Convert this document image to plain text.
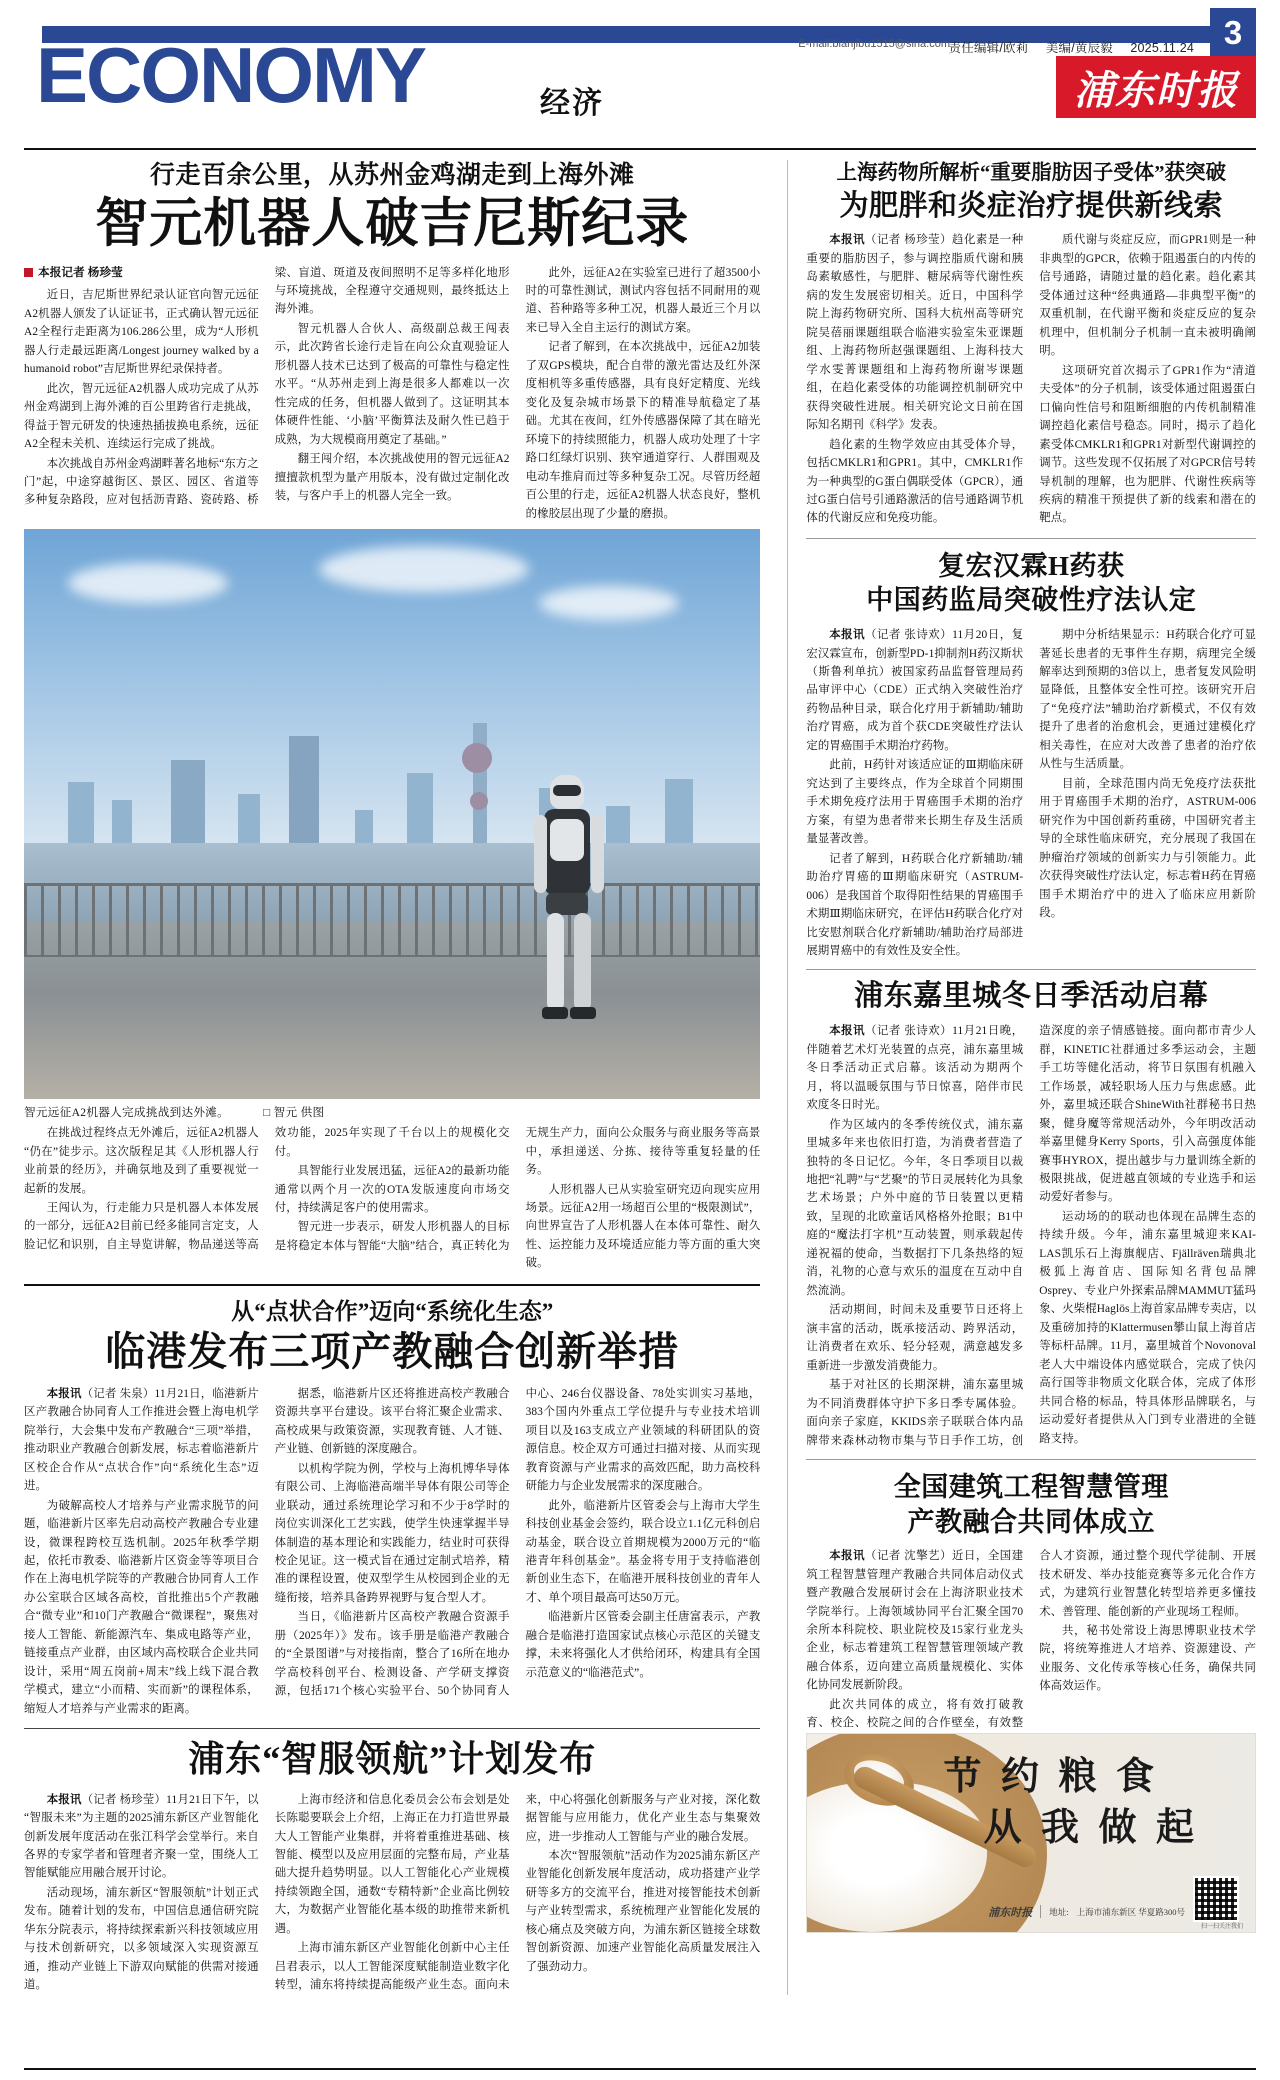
3
责任编辑/欧莉 美编/黄辰毅 2025.11.24
E-mail:bianjibu1515@sina.com
ECONOMY	经济	浦东时报
行走百余公里，从苏州金鸡湖走到上海外滩
智元机器人破吉尼斯纪录
本报记者 杨珍莹

近日，吉尼斯世界纪录认证官向智元远征A2机器人颁发了认证证书，正式确认智元远征A2全程行走距离为106.286公里，成为“人形机器人行走最远距离/Longest journey walked by a humanoid robot”吉尼斯世界纪录保持者。

此次，智元远征A2机器人成功完成了从苏州金鸡湖到上海外滩的百公里跨省行走挑战，得益于智元研发的快速热插拔换电系统，远征A2全程未关机、连续运行完成了挑战。

本次挑战自苏州金鸡湖畔著名地标“东方之门”起，中途穿越街区、景区、园区、省道等多种复杂路段，应对包括沥青路、瓷砖路、桥梁、盲道、斑道及夜间照明不足等多样化地形与环境挑战，全程遵守交通规则，最终抵达上海外滩。

智元机器人合伙人、高级副总裁王闯表示，此次跨省长途行走旨在向公众直观验证人形机器人技术已达到了极高的可靠性与稳定性水平。“从苏州走到上海是很多人都难以一次性完成的任务，但机器人做到了。这证明其本体硬件性能、‘小脑’平衡算法及耐久性已趋于成熟，为大规模商用奠定了基础。”

翻王闯介绍，本次挑战使用的智元远征A2擅擅款机型为量产用版本，没有做过定制化改装，与客户手上的机器人完全一致。

此外，远征A2在实验室已进行了超3500小时的可靠性测试，测试内容包括不同耐用的观道、苔种路等多种工况，机器人最近三个月以来已导入全自主运行的测试方案。

记者了解到，在本次挑战中，远征A2加装了双GPS模块，配合自带的激光雷达及红外深度相机等多重传感器，具有良好定精度、光线变化及复杂城市场景下的精准导航稳定了基础。尤其在夜间，红外传感器保障了其在暗光环境下的持续照能力，机器人成功处理了十字路口红绿灯识别、狭窄通道穿行、人群围观及电动车推肩而过等多种复杂工况。尽管历经超百公里的行走，远征A2机器人状态良好，整机的橡胶层出现了少量的磨损。

智元远征A2机器人完成挑战到达外滩。	□ 智元 供图

在挑战过程终点无外滩后，远征A2机器人“仍在”徒步示。这次版程足其《人形机器人行业前景的经历》，并确氛地及到了重要视觉一起新的发展。

王闯认为，行走能力只是机器人本体发展的一部分，远征A2目前已经多能同言定支，人脸记忆和识别，自主导览讲解，物品递送等高效功能，2025年实现了千台以上的规模化交付。

具智能行业发展迅猛，远征A2的最新功能通常以两个月一次的OTA发版速度向市场交付，持续满足客户的使用需求。

智元进一步表示，研发人形机器人的目标是将稳定本体与智能“大脑”结合，真正转化为无规生产力，面向公众服务与商业服务等高景中，承担递送、分拣、接待等重复轻量的任务。

人形机器人已从实验室研究迈向现实应用场景。远征A2用一场超百公里的“极限测试”，向世界宣告了人形机器人在本体可靠性、耐久性、运控能力及环境适应能力等方面的重大突破。

从“点状合作”迈向“系统化生态”
临港发布三项产教融合创新举措

本报讯（记者 朱泉）11月21日，临港新片区产教融合协同育人工作推进会暨上海电机学院举行，大会集中发布产教融合“三项”举措，推动职业产教融合创新发展，标志着临港新片区校企合作从“点状合作”向“系统化生态”迈进。

为破解高校人才培养与产业需求脱节的问题，临港新片区率先启动高校产教融合专业建设，微课程跨校互选机制。2025年秋季学期起，依托市教委、临港新片区资金等等项目合作在上海电机学院等的产教融合协同育人工作办公室联合区域各高校，首批推出5个产教融合“微专业”和10门产教融合“微课程”，聚焦对接人工智能、新能源汽车、集成电路等产业，链接重点产业群，由区域内高校联合企业共同设计，采用“周五岗前+周末”线上线下混合教学模式，建立“小而精、实而新”的课程体系，缩短人才培养与产业需求的距离。

据悉，临港新片区还将推进高校产教融合资源共享平台建设。该平台将汇聚企业需求、高校成果与政策资源，实现教育链、人才链、产业链、创新链的深度融合。

以机构学院为例，学校与上海机博华导体有限公司、上海临港高端半导体有限公司等企业联动，通过系统理论学习和不少于8学时的岗位实训深化工艺实践，使学生快速掌握半导体制造的基本理论和实践能力，结业时可获得校企见证。这一模式旨在通过定制式培养，精准的课程设置，使双型学生从校园到企业的无缝衔接，培养具备跨界视野与复合型人才。

当日，《临港新片区高校产教融合资源手册（2025年）》发布。该手册是临港产教融合的“全景图谱”与对接指南，整合了16所在地办学高校科创平台、检测设备、产学研支撑资源，包括171个核心实验平台、50个协同育人中心、246台仪器设备、78处实训实习基地，383个国内外重点工学位提升与专业技术培训项目以及163支成立产业领域的科研团队的资源信息。校企双方可通过扫描对接、从而实现教育资源与产业需求的高效匹配，助力高校科研能力与企业发展需求的深度融合。

此外，临港新片区管委会与上海市大学生科技创业基金会签约，联合设立1.1亿元科创启动基金，联合设立首期规模为2000万元的“临港青年科创基金”。基金将专用于支持临港创新创业生态下，在临港开展科技创业的青年人才、单个项目最高可达50万元。

临港新片区管委会副主任唐富表示，产教融合是临港打造国家试点核心示范区的关键支撑，未来将强化人才供给闭环，构建具有全国示范意义的“临港范式”。

浦东“智服领航”计划发布

本报讯（记者 杨珍莹）11月21日下午，以“智服未来”为主题的2025浦东新区产业智能化创新发展年度活动在张江科学会堂举行。来自各界的专家学者和管理者齐聚一堂，围绕人工智能赋能应用融合展开讨论。

活动现场，浦东新区“智服领航”计划正式发布。随着计划的发布，中国信息通信研究院华东分院表示，将持续探索新兴科技领域应用与技术创新研究，以多领域深入实现资源互通，推动产业链上下游双向赋能的供需对接通道。

上海市经济和信息化委员会公布会划是处长陈聪要联会上介绍，上海正在力打造世界最大人工智能产业集群，并将着重推进基础、核智能、模型以及应用层面的完整布局，产业基础大提升趋势明显。以人工智能化心产业规模持续领跑全国，通数“专精特新”企业高比例较大，为数据产业智能化基本级的助推带来新机遇。

上海市浦东新区产业智能化创新中心主任吕君表示，以人工智能深度赋能制造业数字化转型，浦东将持续提高能级产业生态。面向未来，中心将强化创新服务与产业对接，深化数据智能与应用能力，优化产业生态与集聚效应，进一步推动人工智能与产业的融合发展。

本次“智服领航”活动作为2025浦东新区产业智能化创新发展年度活动，成功搭建产业学研等多方的交流平台，推进对接智能技术创新与产业转型需求，系统梳理产业智能化发展的核心痛点及突破方向，为浦东新区链接全球数智创新资源、加速产业智能化高质量发展注入了强劲动力。

上海药物所解析“重要脂肪因子受体”获突破
为肥胖和炎症治疗提供新线索

本报讯（记者 杨珍莹）趋化素是一种重要的脂肪因子，参与调控脂质代谢和胰岛素敏感性，与肥胖、糖尿病等代谢性疾病的发生发展密切相关。近日，中国科学院上海药物研究所、国科大杭州高等研究院吴蓓丽课题组联合临港实验室朱亚课题组、上海药物所赵强课题组、上海科技大学水雯菁课题组和上海药物所谢岑课题组，在趋化素受体的功能调控机制研究中获得突破性进展。相关研究论文日前在国际知名期刊《科学》发表。

趋化素的生物学效应由其受体介导，包括CMKLR1和GPR1。其中，CMKLR1作为一种典型的G蛋白偶联受体（GPCR），通过G蛋白信号引通路激活的信号通路调节机体的代谢反应和免疫功能。

质代谢与炎症反应，而GPR1则是一种非典型的GPCR，依赖于阻遏蛋白的内传的信号通路，请随过量的趋化素。趋化素其受体通过这种“经典通路—非典型平衡”的双重机制，在代谢平衡和炎症反应的复杂机理中，但机制分子机制一直未被明确阐明。

这项研究首次揭示了GPR1作为“清道夫受体”的分子机制，该受体通过阻遏蛋白口偏向性信号和阻断细胞的内传机制精准调控趋化素信号稳态。同时，揭示了趋化素受体CMKLR1和GPR1对新型代谢调控的调节。这些发现不仅拓展了对GPCR信号转导机制的理解，也为肥胖、代谢性疾病等疾病的精准干预提供了新的线索和潜在的靶点。

复宏汉霖H药获
中国药监局突破性疗法认定

本报讯（记者 张诗欢）11月20日，复宏汉霖宣布，创新型PD-1抑制剂H药汉斯状（斯鲁利单抗）被国家药品监督管理局药品审评中心（CDE）正式纳入突破性治疗药物品种目录，联合化疗用于新辅助/辅助治疗胃癌，成为首个获CDE突破性疗法认定的胃癌围手术期治疗药物。

此前，H药针对该适应证的Ⅲ期临床研究达到了主要终点，作为全球首个同期围手术期免疫疗法用于胃癌围手术期的治疗方案，有望为患者带来长期生存及生活质量显著改善。

记者了解到，H药联合化疗新辅助/辅助治疗胃癌的Ⅲ期临床研究（ASTRUM-006）是我国首个取得阳性结果的胃癌围手术期Ⅲ期临床研究，在评估H药联合化疗对比安慰剂联合化疗新辅助/辅助治疗局部进展期胃癌中的有效性及安全性。

期中分析结果显示：H药联合化疗可显著延长患者的无事件生存期，病理完全缓解率达到预期的3倍以上，患者复发风险明显降低，且整体安全性可控。该研究开启了“免疫疗法”辅助治疗新模式，不仅有效提升了患者的治愈机会，更通过建模化疗相关毒性，在应对大改善了患者的治疗依从性与生活质量。

目前，全球范围内尚无免疫疗法获批用于胃癌围手术期的治疗，ASTRUM-006研究作为中国创新药重磅，中国研究者主导的全球性临床研究，充分展现了我国在肿瘤治疗领域的创新实力与引领能力。此次获得突破性疗法认定，标志着H药在胃癌围手术期治疗中的进入了临床应用新阶段。

浦东嘉里城冬日季活动启幕

本报讯（记者 张诗欢）11月21日晚，伴随着艺术灯光装置的点亮，浦东嘉里城冬日季活动正式启幕。该活动为期两个月，将以温暖氛围与节日惊喜，陪伴市民欢度冬日时光。

作为区域内的冬季传统仪式，浦东嘉里城多年来也依旧打造，为消费者营造了独特的冬日记忆。今年，冬日季项目以裁地把“礼聘”与“艺聚”的节日灵展转化为具象艺术场景；户外中庭的节日装置以更精致，呈现的北欧童话风格格外抢眼；B1中庭的“魔法打字机”互动装置，则承载起传递祝福的使命，当数据打下几条热络的短消，礼物的心意与欢乐的温度在互动中自然流淌。

活动期间，时间未及重要节日还将上演丰富的活动，既承接活动、跨界活动，让消费者在欢乐、轻分轻观，满意越发多重新进一步激发消费能力。

基于对社区的长期深耕，浦东嘉里城为不同消费群体守护下多日季专属体验。面向亲子家庭，KKIDS亲子联联合体内品牌带来森林动物市集与节日手作工坊，创造深度的亲子情感链接。面向都市青少人群，KINETIC社群通过多季运动会，主题手工坊等健化活动，将节日氛围有机融入工作场景，减轻职场人压力与焦虑感。此外，嘉里城还联合ShineWith社群秘书日热聚，健身魔等常规活动外，今年明改活动举嘉里健身Kerry Sports，引入高强度体能赛事HYROX，提出越步与力量训练全新的极限挑战，促进越直领域的专业选手和运动爱好者参与。

运动场的的联动也体现在品牌生态的持续升级。今年，浦东嘉里城迎来KAI-LAS凯乐石上海旗舰店、Fjällräven瑞典北极狐上海首店、国际知名背包品牌Osprey、专业户外探索品牌MAMMUT猛玛象、火柴棍Haglös上海首家品牌专卖店，以及重磅加持的Klattermusen攀山鼠上海首店等标杆品牌。11月，嘉里城首个Novonoval老人大中端设体内感觉联合，完成了快闪高行国等非物质文化联合体，完成了体形共同合格的标品，特具体形品牌联名，与运动爱好者提供从入门到专业潜进的全链路支持。

全国建筑工程智慧管理
产教融合共同体成立

本报讯（记者 沈擎艺）近日，全国建筑工程智慧管理产教融合共同体启动仪式暨产教融合发展研讨会在上海济职业技术学院举行。上海领域协同平台汇聚全国70余所本科院校、职业院校及15家行业龙头企业，标志着建筑工程智慧管理领域产教融合体系，迈向建立高质量规模化、实体化协同发展新阶段。

此次共同体的成立，将有效打破教育、校企、校院之间的合作壁垒，有效整合人才资源，通过整个现代学徒制、开展技术研发、举办技能竞赛等多元化合作方式，为建筑行业智慧化转型培养更多懂技术、善管理、能创新的产业现场工程师。

共，秘书处常设上海思博职业技术学院，将统筹推进人才培养、资源建设、产业服务、文化传承等核心任务，确保共同体高效运作。

节 约 粮 食
从 我 做 起
浦东时报 地址: 上海市浦东新区 华夏路300号
扫一扫关注我们
